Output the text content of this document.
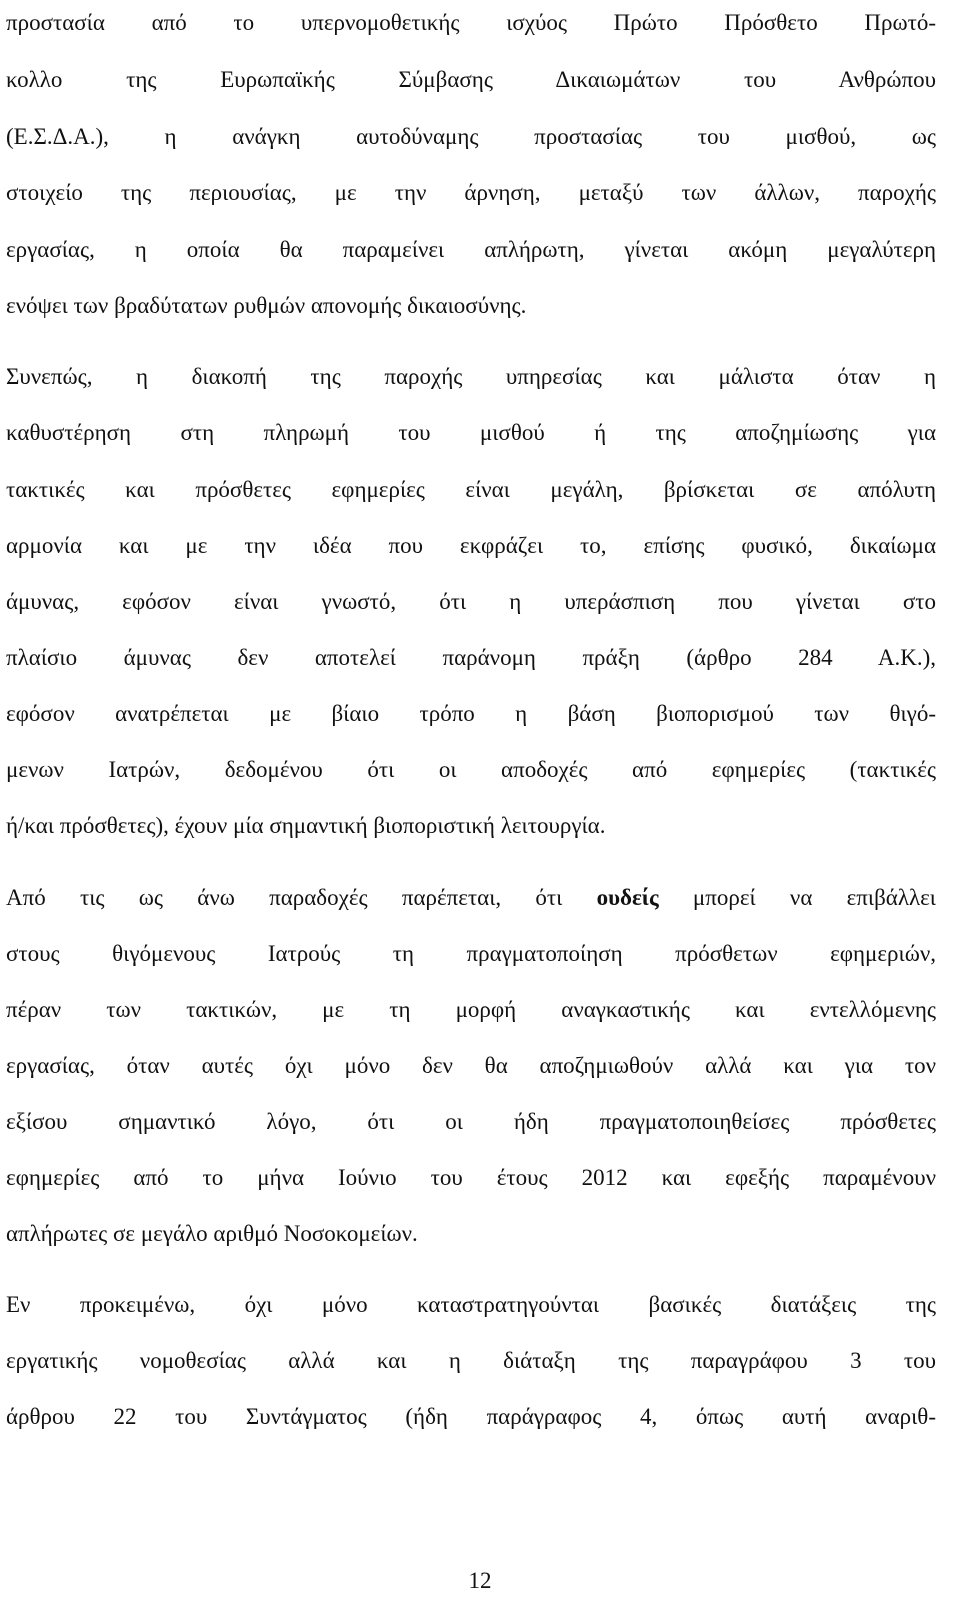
προστασία από το υπερνομοθετικής ισχύος Πρώτο Πρόσθετο Πρωτό-
κολλο της Ευρωπαϊκής Σύμβασης Δικαιωμάτων του Ανθρώπου
(Ε.Σ.Δ.Α.), η ανάγκη αυτοδύναμης προστασίας του μισθού, ως
στοιχείο της περιουσίας, με την άρνηση, μεταξύ των άλλων, παροχής
εργασίας, η οποία θα παραμείνει απλήρωτη, γίνεται ακόμη μεγαλύτερη
ενόψει των βραδύτατων ρυθμών απονομής δικαιοσύνης.
Συνεπώς, η διακοπή της παροχής υπηρεσίας και μάλιστα όταν η
καθυστέρηση στη πληρωμή του μισθού ή της αποζημίωσης για
τακτικές και πρόσθετες εφημερίες είναι μεγάλη, βρίσκεται σε απόλυτη
αρμονία και με την ιδέα που εκφράζει το, επίσης φυσικό, δικαίωμα
άμυνας, εφόσον είναι γνωστό, ότι η υπεράσπιση που γίνεται στο
πλαίσιο άμυνας δεν αποτελεί παράνομη πράξη (άρθρο 284 Α.Κ.),
εφόσον ανατρέπεται με βίαιο τρόπο η βάση βιοπορισμού των θιγό-
μενων Ιατρών, δεδομένου ότι οι αποδοχές από εφημερίες (τακτικές
ή/και πρόσθετες), έχουν μία σημαντική βιοποριστική λειτουργία.
Από τις ως άνω παραδοχές παρέπεται, ότι ουδείς μπορεί να επιβάλλει
στους θιγόμενους Ιατρούς τη πραγματοποίηση πρόσθετων εφημεριών,
πέραν των τακτικών, με τη μορφή αναγκαστικής και εντελλόμενης
εργασίας, όταν αυτές όχι μόνο δεν θα αποζημιωθούν αλλά και για τον
εξίσου σημαντικό λόγο, ότι οι ήδη πραγματοποιηθείσες πρόσθετες
εφημερίες από το μήνα Ιούνιο του έτους 2012 και εφεξής παραμένουν
απλήρωτες σε μεγάλο αριθμό Νοσοκομείων.
Εν προκειμένω, όχι μόνο καταστρατηγούνται βασικές διατάξεις της
εργατικής νομοθεσίας αλλά και η διάταξη της παραγράφου 3 του
άρθρου 22 του Συντάγματος (ήδη παράγραφος 4, όπως αυτή αναριθ-
12
